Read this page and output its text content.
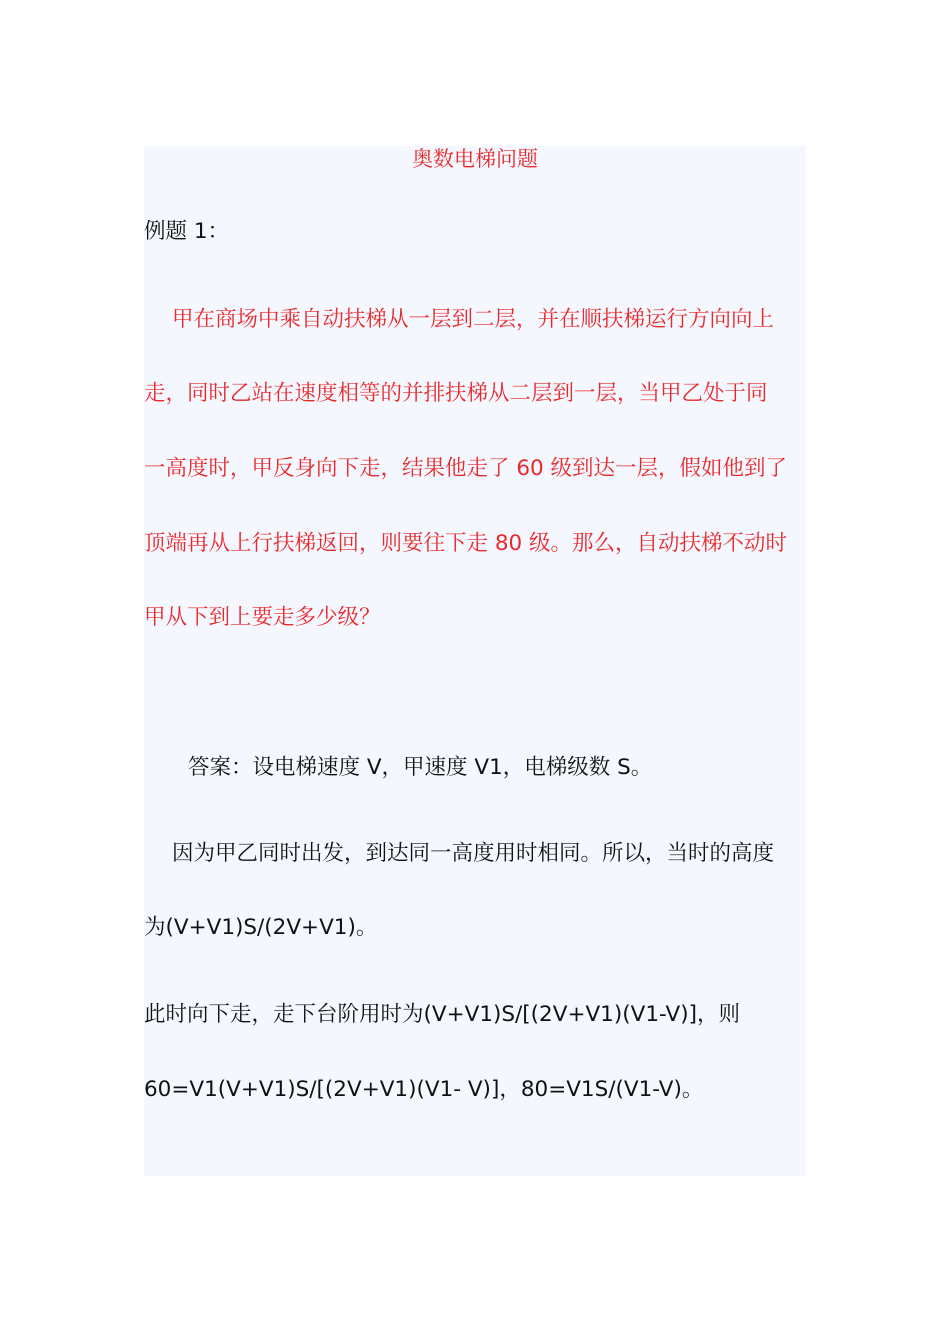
奥数电梯问题
例题 1：
甲在商场中乘自动扶梯从一层到二层，并在顺扶梯运行方向向上
走，同时乙站在速度相等的并排扶梯从二层到一层，当甲乙处于同
一高度时，甲反身向下走，结果他走了 60 级到达一层，假如他到了
顶端再从上行扶梯返回，则要往下走 80 级。那么，自动扶梯不动时
甲从下到上要走多少级？
答案：设电梯速度 V，甲速度 V1，电梯级数 S。
因为甲乙同时出发，到达同一高度用时相同。所以，当时的高度
为(V+V1)S/(2V+V1)。
此时向下走，走下台阶用时为(V+V1)S/[(2V+V1)(V1-V)]，则
60=V1(V+V1)S/[(2V+V1)(V1- V)]，80=V1S/(V1-V)。
